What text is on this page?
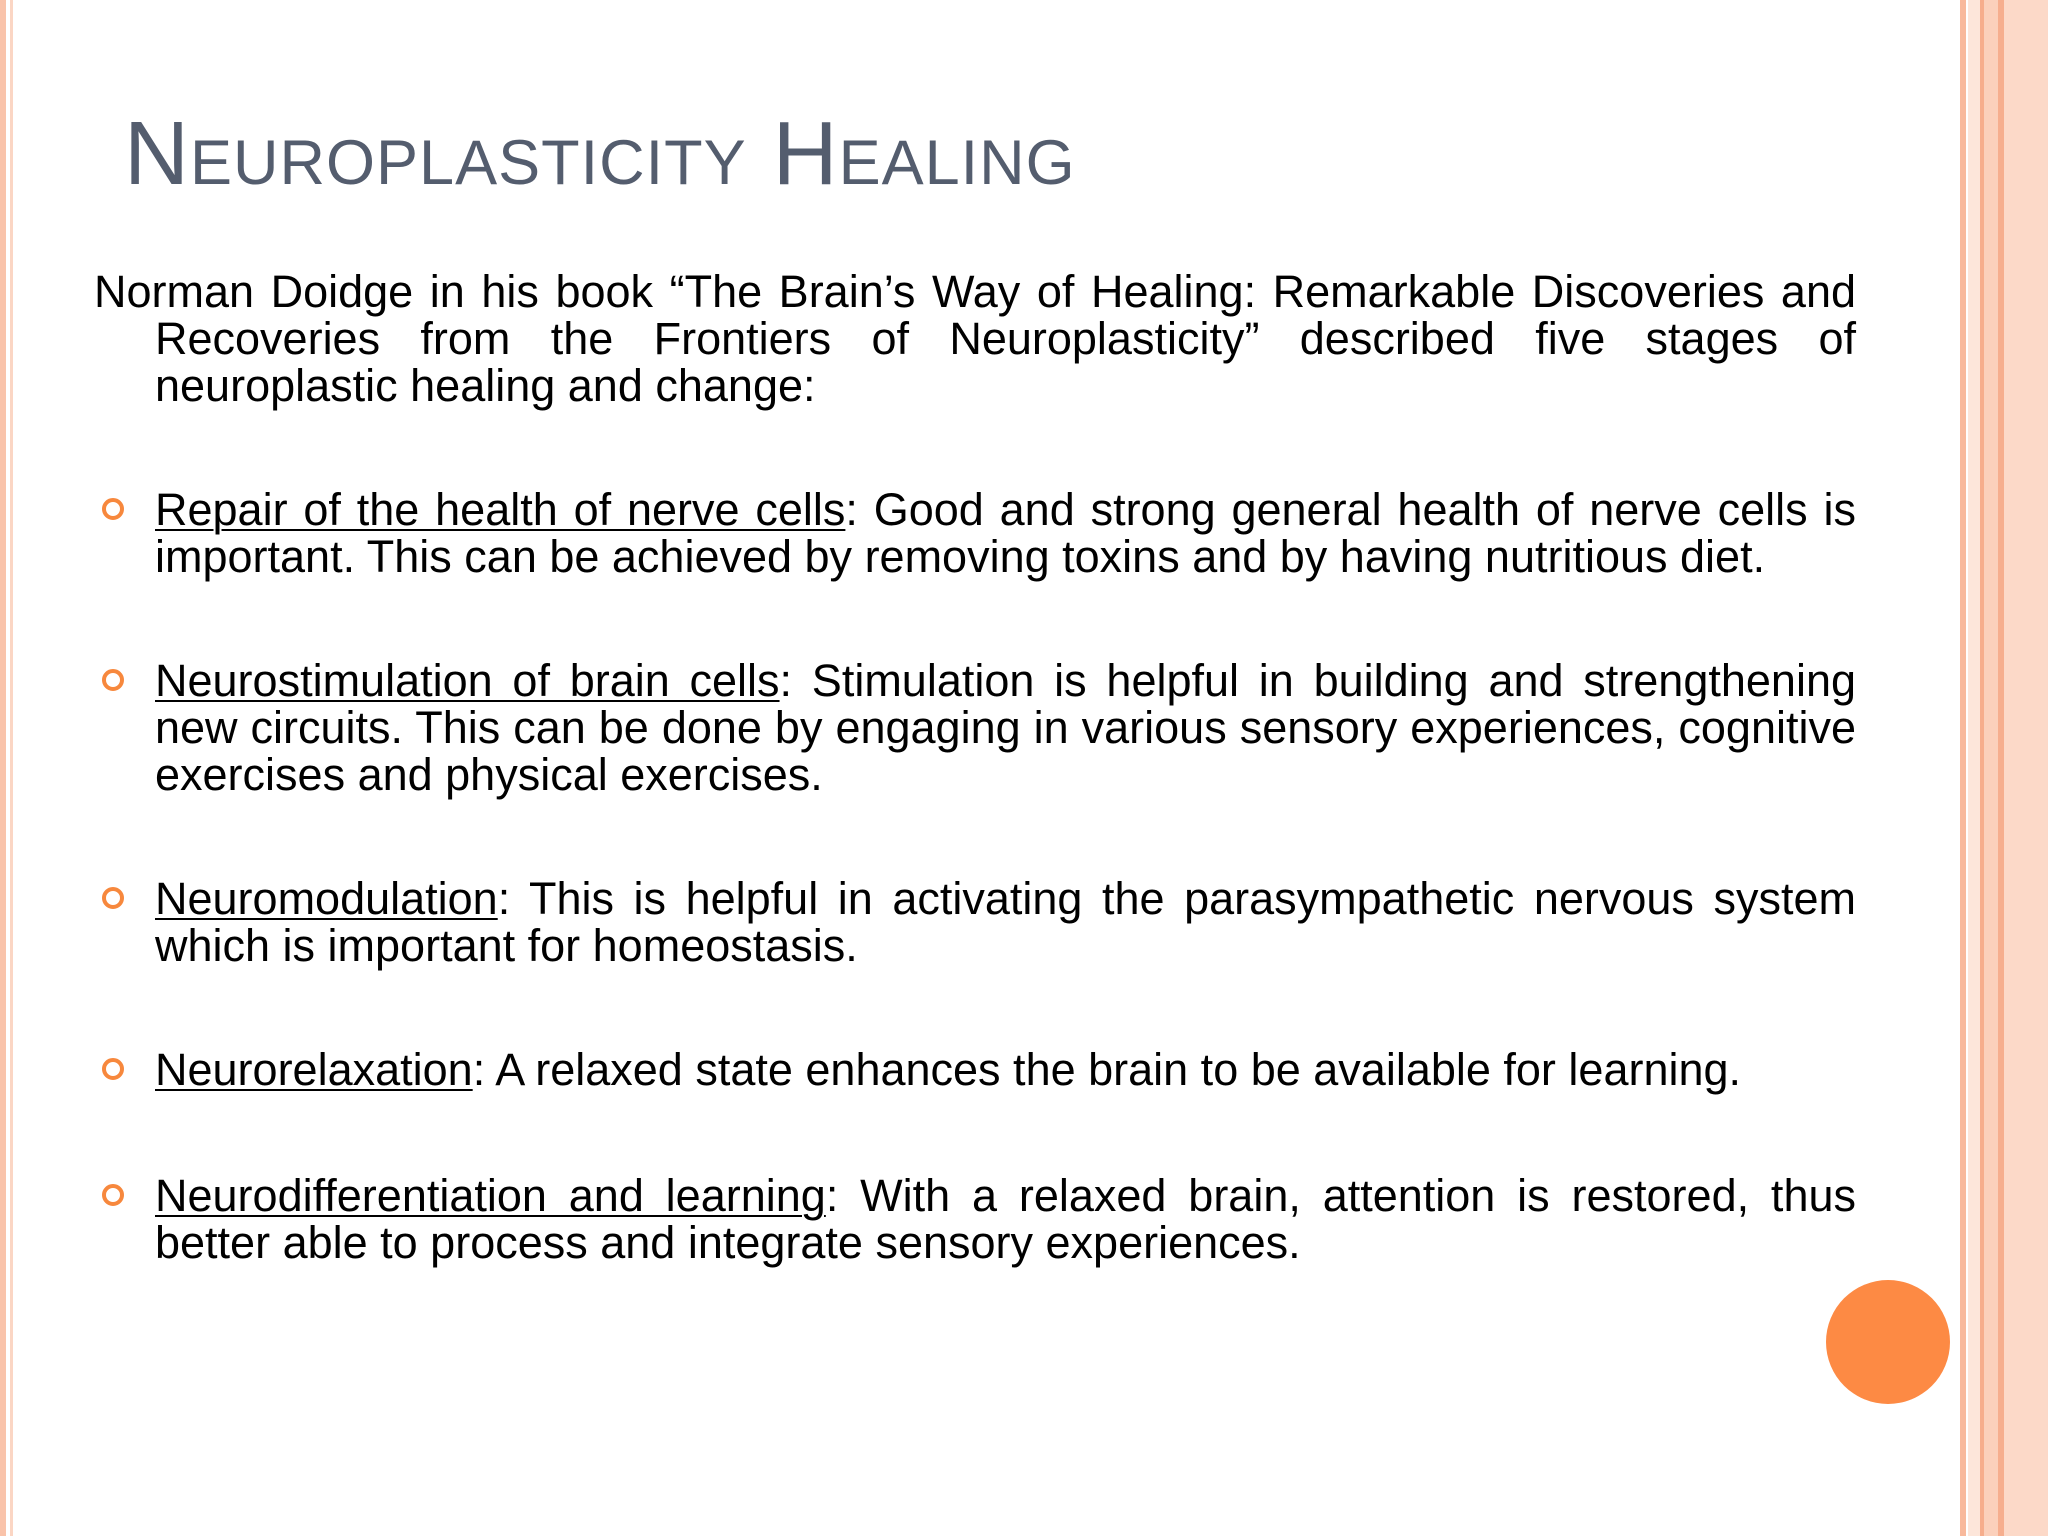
Neuroplasticity Healing

Norman Doidge in his book “The Brain’s Way of Healing: Remarkable Discoveries and Recoveries from the Frontiers of Neuroplasticity” described five stages of neuroplastic healing and change:

Repair of the health of nerve cells: Good and strong general health of nerve cells is important. This can be achieved by removing toxins and by having nutritious diet.
Neurostimulation of brain cells: Stimulation is helpful in building and strengthening new circuits. This can be done by engaging in various sensory experiences, cognitive exercises and physical exercises.
Neuromodulation: This is helpful in activating the parasympathetic nervous system which is important for homeostasis.
Neurorelaxation: A relaxed state enhances the brain to be available for learning.
Neurodifferentiation and learning: With a relaxed brain, attention is restored, thus better able to process and integrate sensory experiences.
